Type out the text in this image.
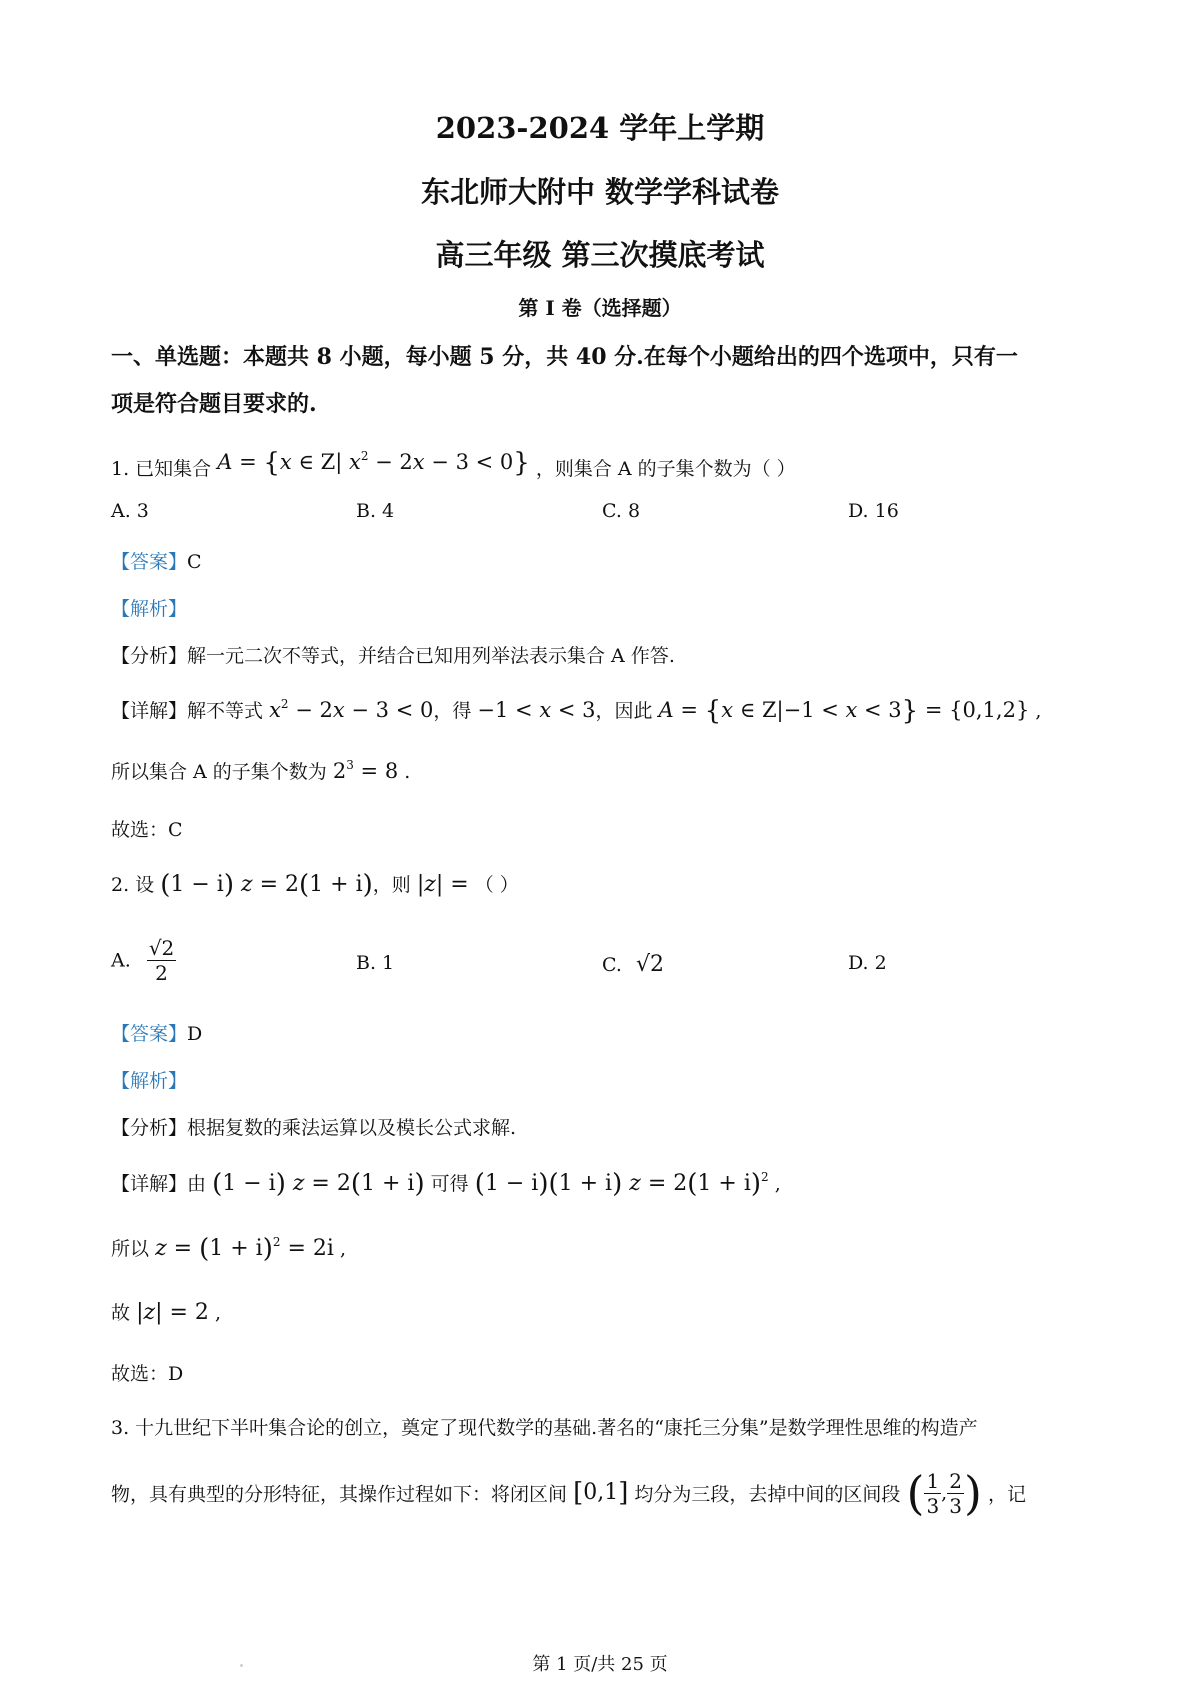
2023-2024 学年上学期
东北师大附中 数学学科试卷
高三年级 第三次摸底考试
第 I 卷（选择题）
一、单选题：本题共 8 小题，每小题 5 分，共 40 分.在每个小题给出的四个选项中，只有一
项是符合题目要求的.
1. 已知集合 A = {x ∈ Z| $x^2 - 2x - 3 < 0$} ，则集合 A 的子集个数为（ ）
A. 3	B. 4	C. 8	D. 16
【答案】C
【解析】
【分析】解一元二次不等式，并结合已知用列举法表示集合 A 作答.
【详解】解不等式 $x^2 - 2x - 3 < 0$，得 −1 < x < 3，因此 A = {x ∈ Z|−1 < x < 3} = {0,1,2} ,
所以集合 A 的子集个数为 $2^3 = 8$ .
故选：C
2. 设 (1 − i) z = 2(1 + i)，则 |z| = （ ）
A. $\frac{√2}{2}$	B. 1	C. √2	D. 2
【答案】D
【解析】
【分析】根据复数的乘法运算以及模长公式求解.
【详解】由 (1 − i) z = 2(1 + i) 可得 (1 − i)(1 + i) $z = 2(1 + i)^2$ ,
所以 $z = (1 + i)^2 = 2i$ ,
故 |z| = 2 ,
故选：D
3. 十九世纪下半叶集合论的创立，奠定了现代数学的基础.著名的“康托三分集”是数学理性思维的构造产
物，具有典型的分形特征，其操作过程如下：将闭区间 [0,1] 均分为三段，去掉中间的区间段 ( $\frac{1}{3}$ , $\frac{2}{3}$ ) ，记
第 1 页/共 25 页
